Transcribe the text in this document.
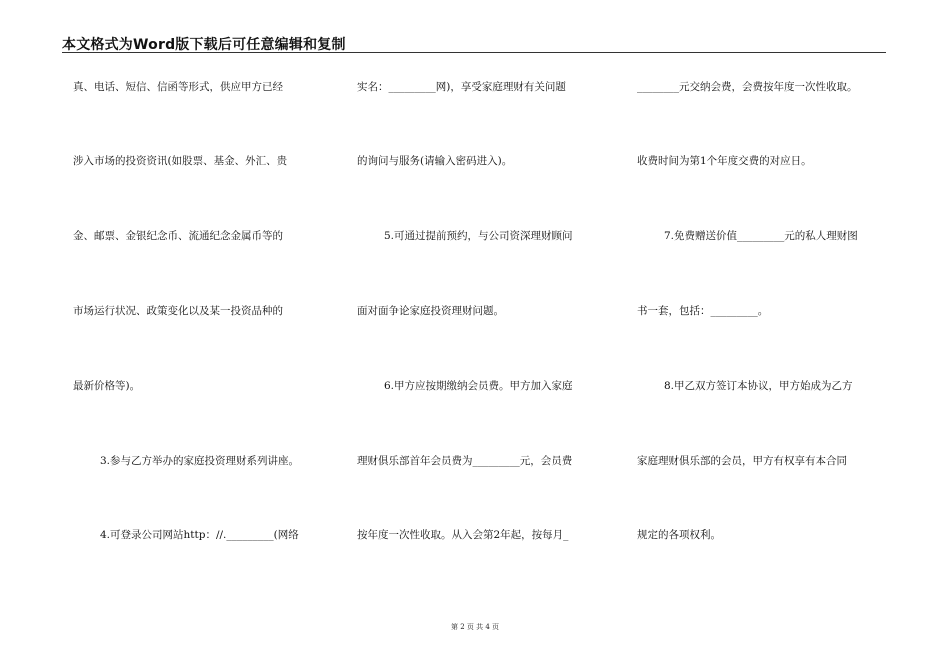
本文格式为Word版下载后可任意编辑和复制
真、电话、短信、信函等形式，供应甲方已经
涉入市场的投资资讯(如股票、基金、外汇、贵
金、邮票、金银纪念币、流通纪念金属币等的
市场运行状况、政策变化以及某一投资品种的
最新价格等)。
3.参与乙方举办的家庭投资理财系列讲座。
4.可登录公司网站http：//._________(网络
实名：_________网)，享受家庭理财有关问题
的询问与服务(请输入密码进入)。
5.可通过提前预约，与公司资深理财顾问
面对面争论家庭投资理财问题。
6.甲方应按期缴纳会员费。甲方加入家庭
理财俱乐部首年会员费为_________元，会员费
按年度一次性收取。从入会第2年起，按每月_
________元交纳会费，会费按年度一次性收取。
收费时间为第1个年度交费的对应日。
7.免费赠送价值_________元的私人理财图
书一套，包括：_________。
8.甲乙双方签订本协议，甲方始成为乙方
家庭理财俱乐部的会员，甲方有权享有本合同
规定的各项权利。
第 2 页 共 4 页
